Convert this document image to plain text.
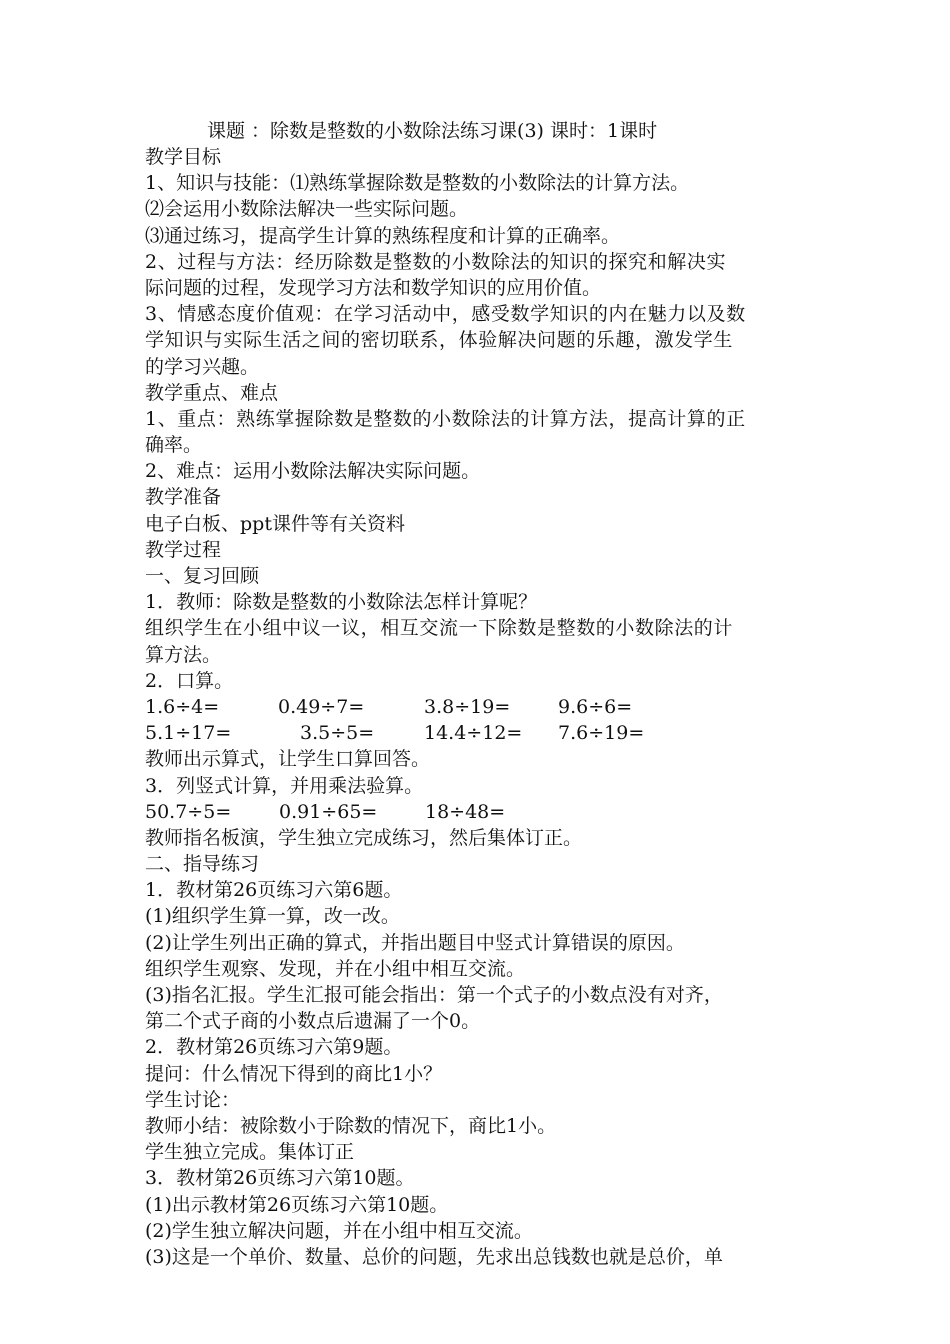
课题 ：除数是整数的小数除法练习课(3) 课时：1课时
教学目标
1、知识与技能：⑴熟练掌握除数是整数的小数除法的计算方法。
⑵会运用小数除法解决一些实际问题。
⑶通过练习，提高学生计算的熟练程度和计算的正确率。
2、过程与方法：经历除数是整数的小数除法的知识的探究和解决实
际问题的过程，发现学习方法和数学知识的应用价值。
3、情感态度价值观：在学习活动中，感受数学知识的内在魅力以及数
学知识与实际生活之间的密切联系，体验解决问题的乐趣，激发学生
的学习兴趣。
教学重点、难点
1、重点：熟练掌握除数是整数的小数除法的计算方法，提高计算的正
确率。
2、难点：运用小数除法解决实际问题。
教学准备
电子白板、ppt课件等有关资料
教学过程
一、复习回顾
1．教师：除数是整数的小数除法怎样计算呢？
组织学生在小组中议一议，相互交流一下除数是整数的小数除法的计
算方法。
2．口算。
1.6÷4=	0.49÷7=	3.8÷19=	9.6÷6=
5.1÷17=	3.5÷5=	14.4÷12=	7.6÷19=
教师出示算式，让学生口算回答。
3．列竖式计算，并用乘法验算。
50.7÷5=	0.91÷65=	18÷48=
教师指名板演，学生独立完成练习，然后集体订正。
二、指导练习
1．教材第26页练习六第6题。
(1)组织学生算一算，改一改。
(2)让学生列出正确的算式，并指出题目中竖式计算错误的原因。
组织学生观察、发现，并在小组中相互交流。
(3)指名汇报。学生汇报可能会指出：第一个式子的小数点没有对齐，
第二个式子商的小数点后遗漏了一个0。
2．教材第26页练习六第9题。
提问：什么情况下得到的商比1小？
学生讨论：
教师小结：被除数小于除数的情况下，商比1小。
学生独立完成。集体订正
3．教材第26页练习六第10题。
(1)出示教材第26页练习六第10题。
(2)学生独立解决问题，并在小组中相互交流。
(3)这是一个单价、数量、总价的问题，先求出总钱数也就是总价，单
